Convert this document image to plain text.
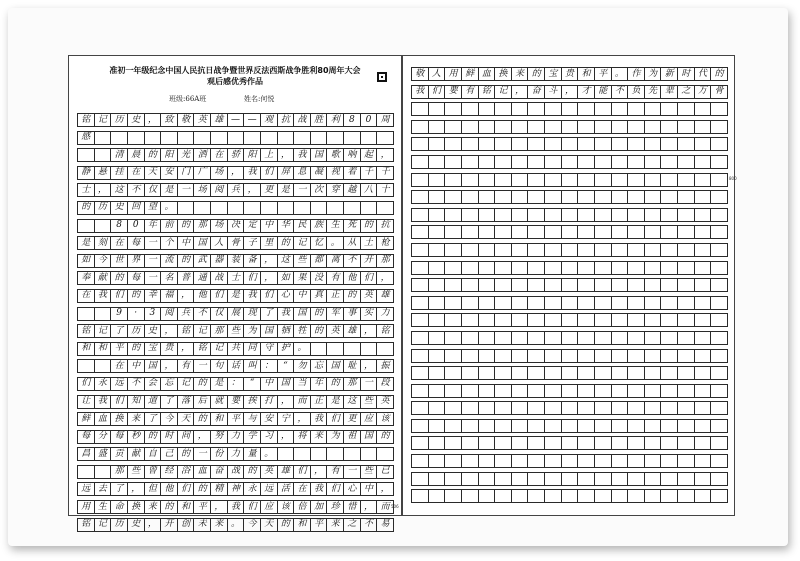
准初一年级纪念中国人民抗日战争暨世界反法西斯战争胜利80周年大会
观后感优秀作品
班级:66A班	姓名:何悦
铭 记 历 史 ， 致 敬 英 雄 — — 观 抗 战 胜 利	8	0	周
感
清 晨 的 阳 光 洒 在 骄 阳 上 ， 我 国 歌 响 起 ，
静 悬 挂 在 天 安 门 广 场 ， 我 们 屏 息 凝 视 着 千 千
士 ， 这 不 仅 是 一 场 阅 兵 ， 更 是 一 次 穿 越 八 十
的 历 史 回 望 。
8	0	年 前 的 那 场 决 定 中 华 民 族 生 死 的 抗
是 刻 在 每 一 个 中 国 人 骨 子 里 的 记 忆 。 从 土 枪
如 今 世 界 一 流 的 武 器 装 备 ， 这 些 都 离 不 开 那
奉 献 的 每 一 名 普 通 战 士 们 ， 如 果 没 有 他 们 ，
在 我 们 的 幸 福 ， 他 们 是 我 们 心 中 真 正 的 英 雄
9	·	3	阅 兵 不 仅 展 现 了 我 国 的 军 事 实 力
铭 记 了 历 史 ， 铭 记 那 些 为 国 牺 牲 的 英 雄 ， 铭
和 和 平 的 宝 贵 ， 铭 记 共 同 守 护 。
在 中 国 ， 有 一 句 话 叫 ：	“	勿 忘 国 耻 ， 振
们 永 远 不 会 忘 记 的 是 ：	“	中 国 当 年 的 那 一 段
让 我 们 知 道 了 落 后 就 要 挨 打 ， 而 正 是 这 些 英
鲜 血 换 来 了 今 天 的 和 平 与 安 宁 ， 我 们 更 应 该
每 分 每 秒 的 时 间 ， 努 力 学 习 ， 将 来 为 祖 国 的
昌 盛 贡 献 自 己 的 一 份 力 量 。
那 些 曾 经 浴 血 奋 战 的 英 雄 们 ， 有 一 些 已
远 去 了 ， 但 他 们 的 精 神 永 远 活 在 我 们 心 中 ，
用 生 命 换 来 的 和 平 ， 我 们 应 该 倍 加 珍 惜 ， 而
铭 记 历 史 ， 开 创 未 来 。 今 天 的 和 平 来 之 不 易
506
敬 人 用 鲜 血 换 来 的 宝 贵 和 平 。 作 为 新 时 代 的
我 们 要 有 铭 记 ， 奋 斗 ， 才 能 不 负 先 辈 之 万 骨
800
